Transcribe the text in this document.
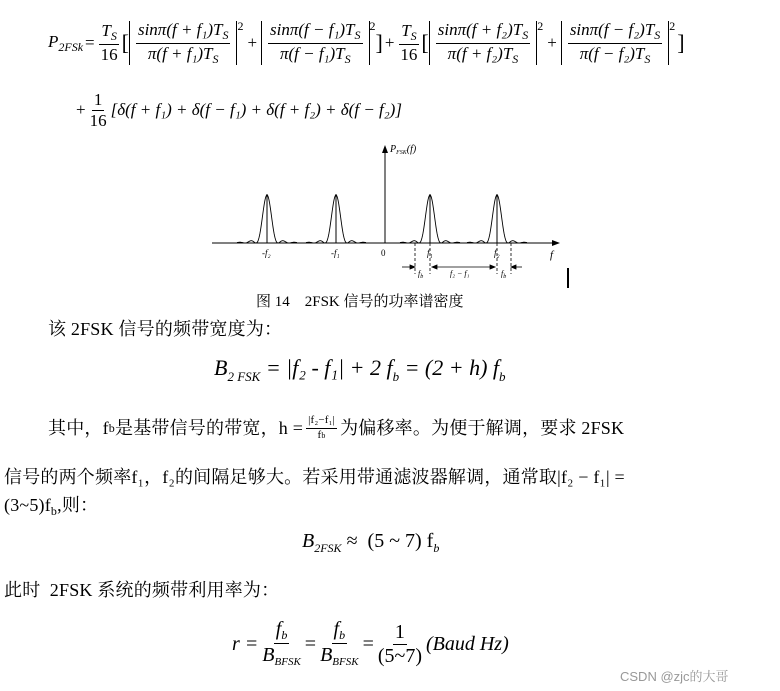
$P_{2FSk} = \frac{T_S}{16}$ [ $\frac{\sin\pi(f + f_1)T_S}{\pi(f + f_1)T_S} ^2$
+ $\frac{\sin\pi(f - f_1)T_S}{\pi(f - f_1)T_S} ^2$
] + $\frac{T_S}{16}$ [ $\frac{\sin\pi(f + f_2)T_S}{\pi(f + f_2)T_S} ^2$
+ $\frac{\sin\pi(f - f_2)T_S}{\pi(f - f_2)T_S} ^2$
]
+ $\frac{1}{16} [\delta(f + f_1) + \delta(f - f_1) + \delta(f + f_2) + \delta(f - f_2)]$
$P_{FSK}(f)$
f
-f₂	-f₁	0	f₁	f₂
$f_b$	f₂ − f₁	$f_b$
图 14    2FSK 信号的功率谱密度
该 2FSK 信号的频带宽度为：
$B_{2 FSK} = |f_2 - f_1| + 2$ $f_b = (2 + h)$ $f_b$
其中，f b 是基带信号的带宽，$h = \frac{\text{|f₂−f₁|}}{fb}$ 为偏移率。为便于解调，要求 2FSK
信号的两个频率f₁，f₂的间隔足够大。若采用带通滤波器解调，通常取|f₂ − f₁| =
$(3\sim 5)f_b$,则：
$B_{2FSK} \approx (5$ ~ 7) $f_b$
此时  2FSK 系统的频带利用率为：
$r = \frac{f_b}{B_{BFSK}} = \frac{f_b}{B_{BFSK}} = \frac{1}{(5\sim 7)}$ (Baud Hz)
CSDN @zjc的大哥
